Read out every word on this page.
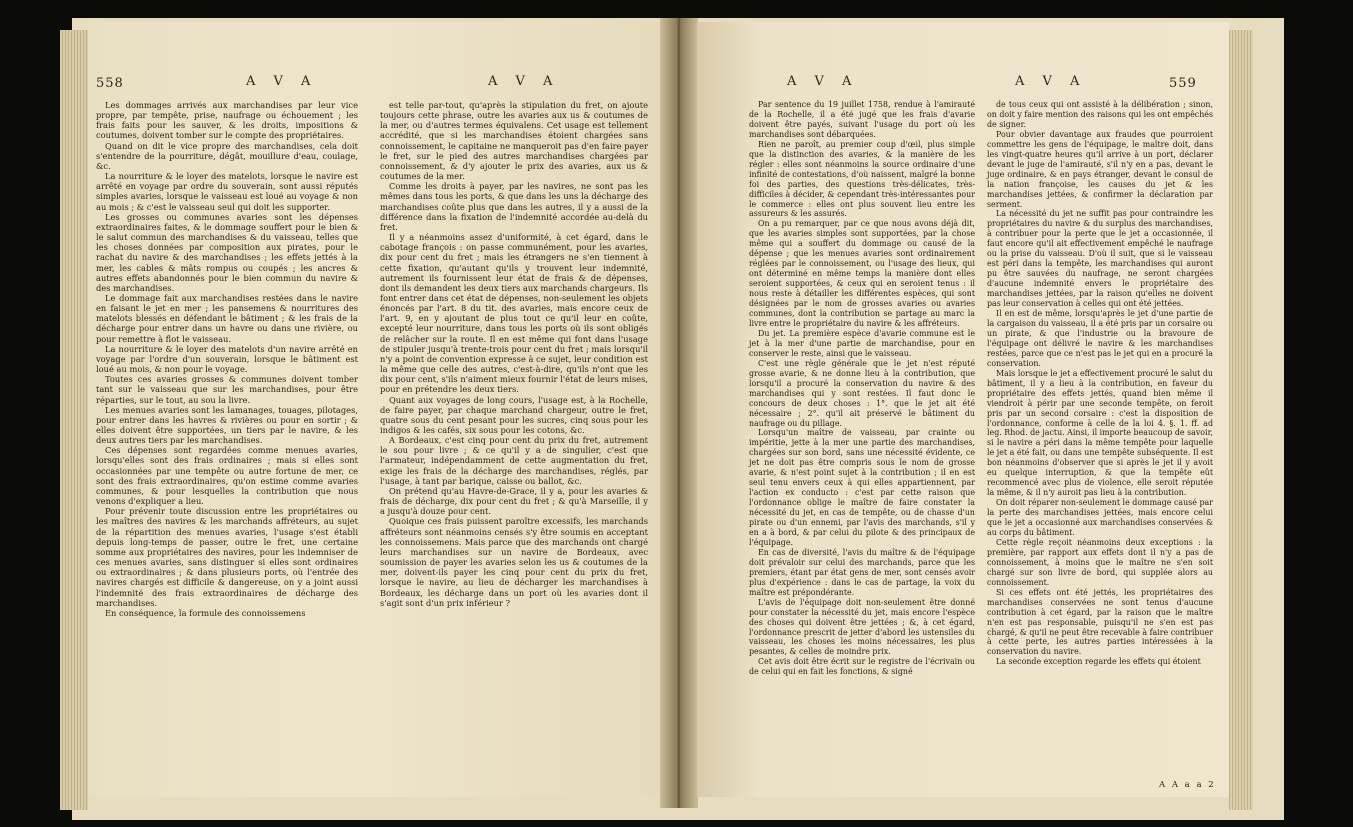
558	A V A	A V A

Les dommages arrivés aux marchandises par leur vice propre, par tempête, prise, naufrage ou échouement ; les frais faits pour les sauver, & les droits, impositions & coutumes, doivent tomber sur le compte des propriétaires.

Quand on dit le vice propre des marchandises, cela doit s'entendre de la pourriture, dégât, mouillure d'eau, coulage, &c.

La nourriture & le loyer des matelots, lorsque le navire est arrêté en voyage par ordre du souverain, sont aussi réputés simples avaries, lorsque le vaisseau est loué au voyage & non au mois ; & c'est le vaisseau seul qui doit les supporter.

Les grosses ou communes avaries sont les dépenses extraordinaires faites, & le dommage souffert pour le bien & le salut commun des marchandises & du vaisseau, telles que les choses données par composition aux pirates, pour le rachat du navire & des marchandises ; les effets jettés à la mer, les cables & mâts rompus ou coupés ; les ancres & autres effets abandonnés pour le bien commun du navire & des marchandises.

Le dommage fait aux marchandises restées dans le navire en faisant le jet en mer ; les pansemens & nourritures des matelots blessés en défendant le bâtiment ; & les frais de la décharge pour entrer dans un havre ou dans une rivière, ou pour remettre à flot le vaisseau.

La nourriture & le loyer des matelots d'un navire arrêté en voyage par l'ordre d'un souverain, lorsque le bâtiment est loué au mois, & non pour le voyage.

Toutes ces avaries grosses & communes doivent tomber tant sur le vaisseau que sur les marchandises, pour être réparties, sur le tout, au sou la livre.

Les menues avaries sont les lamanages, touages, pilotages, pour entrer dans les havres & rivières ou pour en sortir ; & elles doivent être supportées, un tiers par le navire, & les deux autres tiers par les marchandises.

Ces dépenses sont regardées comme menues avaries, lorsqu'elles sont des frais ordinaires ; mais si elles sont occasionnées par une tempête ou autre fortune de mer, ce sont des frais extraordinaires, qu'on estime comme avaries communes, & pour lesquelles la contribution que nous venons d'expliquer a lieu.

Pour prévenir toute discussion entre les propriétaires ou les maîtres des navires & les marchands affréteurs, au sujet de la répartition des menues avaries, l'usage s'est établi depuis long-temps de passer, outre le fret, une certaine somme aux propriétaires des navires, pour les indemniser de ces menues avaries, sans distinguer si elles sont ordinaires ou extraordinaires ; & dans plusieurs ports, où l'entrée des navires chargés est difficile & dangereuse, on y a joint aussi l'indemnité des frais extraordinaires de décharge des marchandises.

En conséquence, la formule des connoissemens

est telle par-tout, qu'après la stipulation du fret, on ajoute toujours cette phrase, outre les avaries aux us & coutumes de la mer, ou d'autres termes équivalens. Cet usage est tellement accrédité, que si les marchandises étoient chargées sans connoissement, le capitaine ne manqueroit pas d'en faire payer le fret, sur le pied des autres marchandises chargées par connoissement, & d'y ajouter le prix des avaries, aux us & coutumes de la mer.

Comme les droits à payer, par les navires, ne sont pas les mêmes dans tous les ports, & que dans les uns la décharge des marchandises coûte plus que dans les autres, il y a aussi de la différence dans la fixation de l'indemnité accordée au-delà du fret.

Il y a néanmoins assez d'uniformité, à cet égard, dans le cabotage françois : on passe communément, pour les avaries, dix pour cent du fret ; mais les étrangers ne s'en tiennent à cette fixation, qu'autant qu'ils y trouvent leur indemnité, autrement ils fournissent leur état de frais & de dépenses, dont ils demandent les deux tiers aux marchands chargeurs. Ils font entrer dans cet état de dépenses, non-seulement les objets énoncés par l'art. 8 du tit. des avaries, mais encore ceux de l'art. 9, en y ajoutant de plus tout ce qu'il leur en coûte, excepté leur nourriture, dans tous les ports où ils sont obligés de relâcher sur la route. Il en est même qui font dans l'usage de stipuler jusqu'à trente-trois pour cent du fret ; mais lorsqu'il n'y a point de convention expresse à ce sujet, leur condition est la même que celle des autres, c'est-à-dire, qu'ils n'ont que les dix pour cent, s'ils n'aiment mieux fournir l'état de leurs mises, pour en prétendre les deux tiers.

Quant aux voyages de long cours, l'usage est, à la Rochelle, de faire payer, par chaque marchand chargeur, outre le fret, quatre sous du cent pesant pour les sucres, cinq sous pour les indigos & les cafés, six sous pour les cotons, &c.

A Bordeaux, c'est cinq pour cent du prix du fret, autrement le sou pour livre ; & ce qu'il y a de singulier, c'est que l'armateur, indépendamment de cette augmentation du fret, exige les frais de la décharge des marchandises, réglés, par l'usage, à tant par barique, caisse ou ballot, &c.

On prétend qu'au Havre-de-Grace, il y a, pour les avaries & frais de décharge, dix pour cent du fret ; & qu'à Marseille, il y a jusqu'à douze pour cent.

Quoique ces frais puissent paroître excessifs, les marchands affréteurs sont néanmoins censés s'y être soumis en acceptant les connoissemens. Mais parce que des marchands ont chargé leurs marchandises sur un navire de Bordeaux, avec soumission de payer les avaries selon les us & coutumes de la mer, doivent-ils payer les cinq pour cent du prix du fret, lorsque le navire, au lieu de décharger les marchandises à Bordeaux, les décharge dans un port où les avaries dont il s'agit sont d'un prix inférieur ?

A V A	A V A	559

Par sentence du 19 juillet 1758, rendue à l'amirauté de la Rochelle, il a été jugé que les frais d'avarie doivent être payés, suivant l'usage du port où les marchandises sont débarquées.

Rien ne paroît, au premier coup d'œil, plus simple que la distinction des avaries, & la manière de les régler : elles sont néanmoins la source ordinaire d'une infinité de contestations, d'où naissent, malgré la bonne foi des parties, des questions très-délicates, très-difficiles à décider, & cependant très-intéressantes pour le commerce : elles ont plus souvent lieu entre les assureurs & les assurés.

On a pu remarquer, par ce que nous avons déjà dit, que les avaries simples sont supportées, par la chose même qui a souffert du dommage ou causé de la dépense ; que les menues avaries sont ordinairement réglées par le connoissement, ou l'usage des lieux, qui ont déterminé en même temps la manière dont elles seroient supportées, & ceux qui en seroient tenus : il nous reste à détailler les différentes espèces, qui sont désignées par le nom de grosses avaries ou avaries communes, dont la contribution se partage au marc la livre entre le propriétaire du navire & les affréteurs.

Du jet. La première espèce d'avarie commune est le jet à la mer d'une partie de marchandise, pour en conserver le reste, ainsi que le vaisseau.

C'est une règle générale que le jet n'est réputé grosse avarie, & ne donne lieu à la contribution, que lorsqu'il a procuré la conservation du navire & des marchandises qui y sont restées. Il faut donc le concours de deux choses : 1°. que le jet ait été nécessaire ; 2°. qu'il ait préservé le bâtiment du naufrage ou du pillage.

Lorsqu'un maître de vaisseau, par crainte ou impéritie, jette à la mer une partie des marchandises, chargées sur son bord, sans une nécessité évidente, ce jet ne doit pas être compris sous le nom de grosse avarie, & n'est point sujet à la contribution ; il en est seul tenu envers ceux à qui elles appartiennent, par l'action ex conducto : c'est par cette raison que l'ordonnance oblige le maître de faire constater la nécessité du jet, en cas de tempête, ou de chasse d'un pirate ou d'un ennemi, par l'avis des marchands, s'il y en a à bord, & par celui du pilote & des principaux de l'équipage.

En cas de diversité, l'avis du maître & de l'équipage doit prévaloir sur celui des marchands, parce que les premiers, étant par état gens de mer, sont censés avoir plus d'expérience : dans le cas de partage, la voix du maître est prépondérante.

L'avis de l'équipage doit non-seulement être donné pour constater la nécessité du jet, mais encore l'espèce des choses qui doivent être jettées ; &, à cet égard, l'ordonnance prescrit de jetter d'abord les ustensiles du vaisseau, les choses les moins nécessaires, les plus pesantes, & celles de moindre prix.

Cet avis doit être écrit sur le registre de l'écrivain ou de celui qui en fait les fonctions, & signé

de tous ceux qui ont assisté à la délibération ; sinon, on doit y faire mention des raisons qui les ont empêchés de signer.

Pour obvier davantage aux fraudes que pourroient commettre les gens de l'équipage, le maître doit, dans les vingt-quatre heures qu'il arrive à un port, déclarer devant le juge de l'amirauté, s'il n'y en a pas, devant le juge ordinaire, & en pays étranger, devant le consul de la nation françoise, les causes du jet & les marchandises jettées, & confirmer la déclaration par serment.

La nécessité du jet ne suffit pas pour contraindre les propriétaires du navire & du surplus des marchandises, à contribuer pour la perte que le jet a occasionnée, il faut encore qu'il ait effectivement empêché le naufrage ou la prise du vaisseau. D'où il suit, que si le vaisseau est péri dans la tempête, les marchandises qui auront pu être sauvées du naufrage, ne seront chargées d'aucune indemnité envers le propriétaire des marchandises jettées, par la raison qu'elles ne doivent pas leur conservation à celles qui ont été jettées.

Il en est de même, lorsqu'après le jet d'une partie de la cargaison du vaisseau, il a été pris par un corsaire ou un pirate, & que l'industrie ou la bravoure de l'équipage ont délivré le navire & les marchandises restées, parce que ce n'est pas le jet qui en a procuré la conservation.

Mais lorsque le jet a effectivement procuré le salut du bâtiment, il y a lieu à la contribution, en faveur du propriétaire des effets jettés, quand bien même il viendroit à périr par une seconde tempête, on feroit pris par un second corsaire : c'est la disposition de l'ordonnance, conforme à celle de la loi 4. §. 1. ff. ad leg. Rhod. de jactu. Ainsi, il importe beaucoup de savoir, si le navire a péri dans la même tempête pour laquelle le jet a été fait, ou dans une tempête subséquente. Il est bon néanmoins d'observer que si après le jet il y avoit eu quelque interruption, & que la tempête eût recommencé avec plus de violence, elle seroit réputée la même, & il n'y auroit pas lieu à la contribution.

On doit réparer non-seulement le dommage causé par la perte des marchandises jettées, mais encore celui que le jet a occasionné aux marchandises conservées & au corps du bâtiment.

Cette règle reçoit néanmoins deux exceptions : la première, par rapport aux effets dont il n'y a pas de connoissement, à moins que le maître ne s'en soit chargé sur son livre de bord, qui supplée alors au connoissement.

Si ces effets ont été jettés, les propriétaires des marchandises conservées ne sont tenus d'aucune contribution à cet égard, par la raison que le maître n'en est pas responsable, puisqu'il ne s'en est pas chargé, & qu'il ne peut être recevable à faire contribuer à cette perte, les autres parties intéressées à la conservation du navire.

La seconde exception regarde les effets qui étoient

A A a a 2
